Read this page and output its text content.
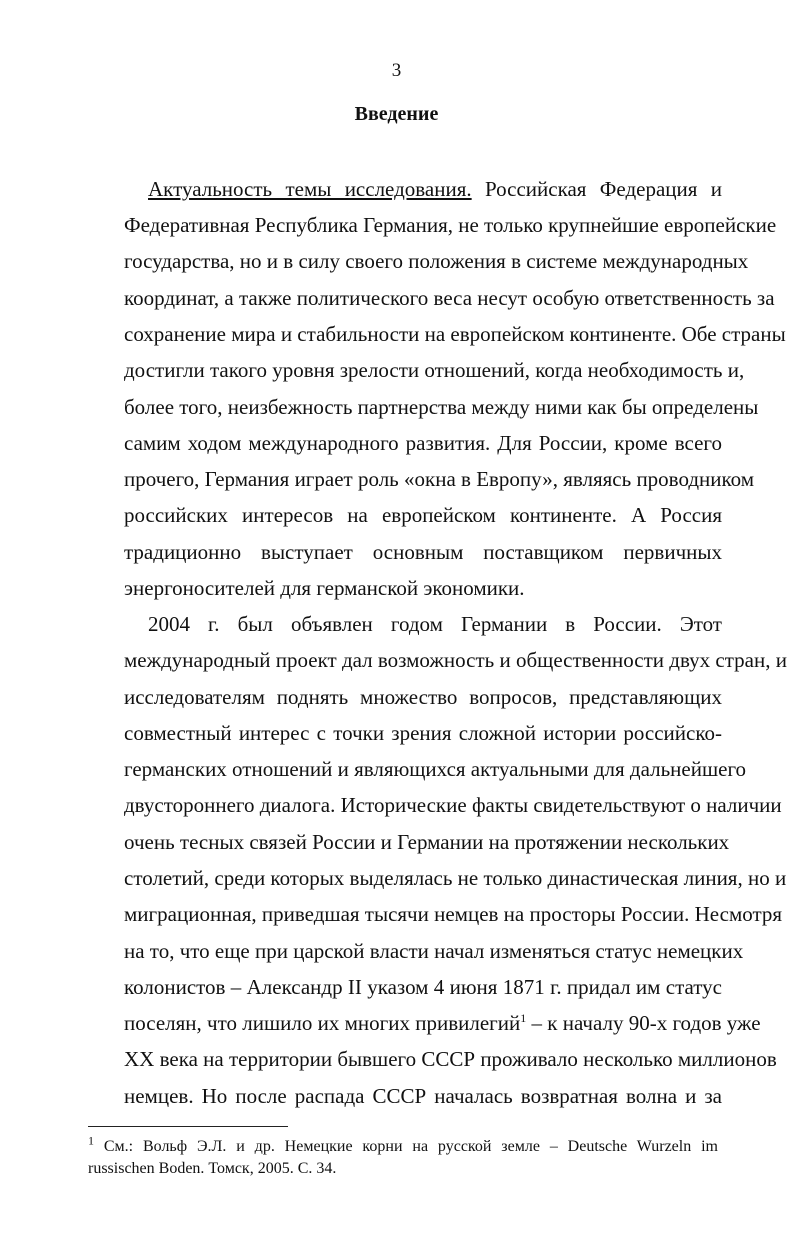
3
Введение
Актуальность темы исследования. Российская Федерация и
Федеративная Республика Германия, не только крупнейшие европейские
государства, но и в силу своего положения в системе международных
координат, а также политического веса несут особую ответственность за
сохранение мира и стабильности на европейском континенте. Обе страны
достигли такого уровня зрелости отношений, когда необходимость и,
более того, неизбежность партнерства между ними как бы определены
самим ходом международного развития. Для России, кроме всего
прочего, Германия играет роль «окна в Европу», являясь проводником
российских интересов на европейском континенте. А Россия
традиционно выступает основным поставщиком первичных
энергоносителей для германской экономики.
2004 г. был объявлен годом Германии в России. Этот
международный проект дал возможность и общественности двух стран, и
исследователям поднять множество вопросов, представляющих
совместный интерес с точки зрения сложной истории российско-
германских отношений и являющихся актуальными для дальнейшего
двустороннего диалога. Исторические факты свидетельствуют о наличии
очень тесных связей России и Германии на протяжении нескольких
столетий, среди которых выделялась не только династическая линия, но и
миграционная, приведшая тысячи немцев на просторы России. Несмотря
на то, что еще при царской власти начал изменяться статус немецких
колонистов – Александр II указом 4 июня 1871 г. придал им статус
поселян, что лишило их многих привилегий$^1$ – к началу 90-х годов уже
XX века на территории бывшего СССР проживало несколько миллионов
немцев. Но после распада СССР началась возвратная волна и за
$^1$ См.: Вольф Э.Л. и др. Немецкие корни на русской земле – Deutsche Wurzeln im
russischen Boden. Томск, 2005. С. 34.
